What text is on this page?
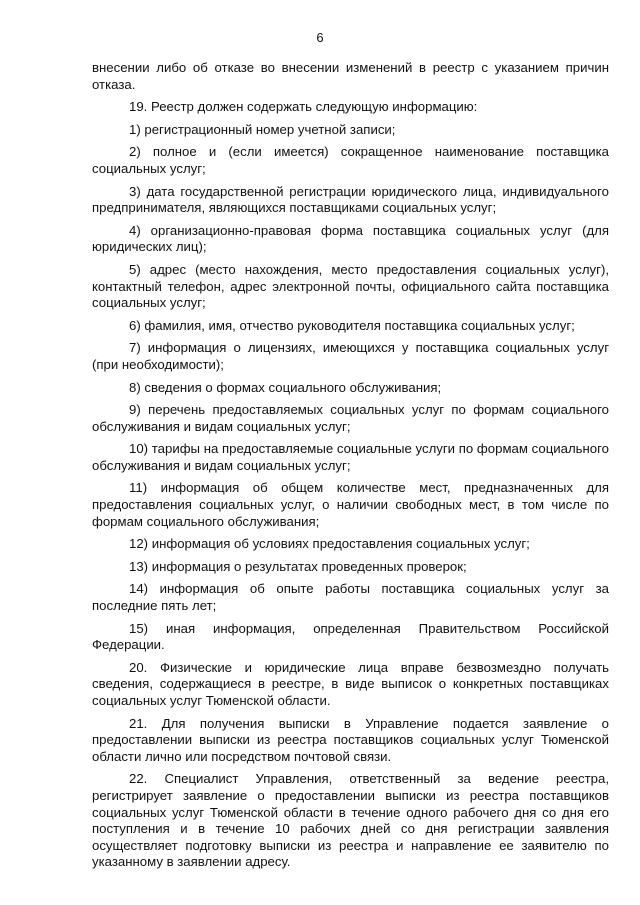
6

внесении либо об отказе во внесении изменений в реестр с указанием причин отказа.

19. Реестр должен содержать следующую информацию:

1) регистрационный номер учетной записи;

2) полное и (если имеется) сокращенное наименование поставщика социальных услуг;

3) дата государственной регистрации юридического лица, индивидуального предпринимателя, являющихся поставщиками социальных услуг;

4) организационно-правовая форма поставщика социальных услуг (для юридических лиц);

5) адрес (место нахождения, место предоставления социальных услуг), контактный телефон, адрес электронной почты, официального сайта поставщика социальных услуг;

6) фамилия, имя, отчество руководителя поставщика социальных услуг;

7) информация о лицензиях, имеющихся у поставщика социальных услуг (при необходимости);

8) сведения о формах социального обслуживания;

9) перечень предоставляемых социальных услуг по формам социального обслуживания и видам социальных услуг;

10) тарифы на предоставляемые социальные услуги по формам социального обслуживания и видам социальных услуг;

11) информация об общем количестве мест, предназначенных для предоставления социальных услуг, о наличии свободных мест, в том числе по формам социального обслуживания;

12) информация об условиях предоставления социальных услуг;

13) информация о результатах проведенных проверок;

14) информация об опыте работы поставщика социальных услуг за последние пять лет;

15) иная информация, определенная Правительством Российской Федерации.

20. Физические и юридические лица вправе безвозмездно получать сведения, содержащиеся в реестре, в виде выписок о конкретных поставщиках социальных услуг Тюменской области.

21. Для получения выписки в Управление подается заявление о предоставлении выписки из реестра поставщиков социальных услуг Тюменской области лично или посредством почтовой связи.

22. Специалист Управления, ответственный за ведение реестра, регистрирует заявление о предоставлении выписки из реестра поставщиков социальных услуг Тюменской области в течение одного рабочего дня со дня его поступления и в течение 10 рабочих дней со дня регистрации заявления осуществляет подготовку выписки из реестра и направление ее заявителю по указанному в заявлении адресу.
